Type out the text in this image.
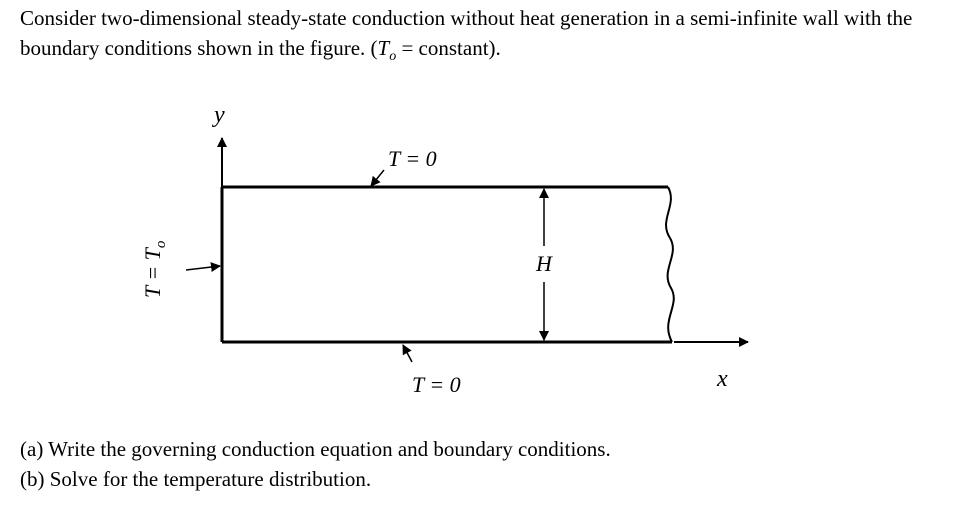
Consider two-dimensional steady-state conduction without heat generation in a semi-infinite wall with the boundary conditions shown in the figure. ($T_o$ = constant).

y
x
T = 0
T = 0
$T = T_o$
H
(a) Write the governing conduction equation and boundary conditions.
(b) Solve for the temperature distribution.
